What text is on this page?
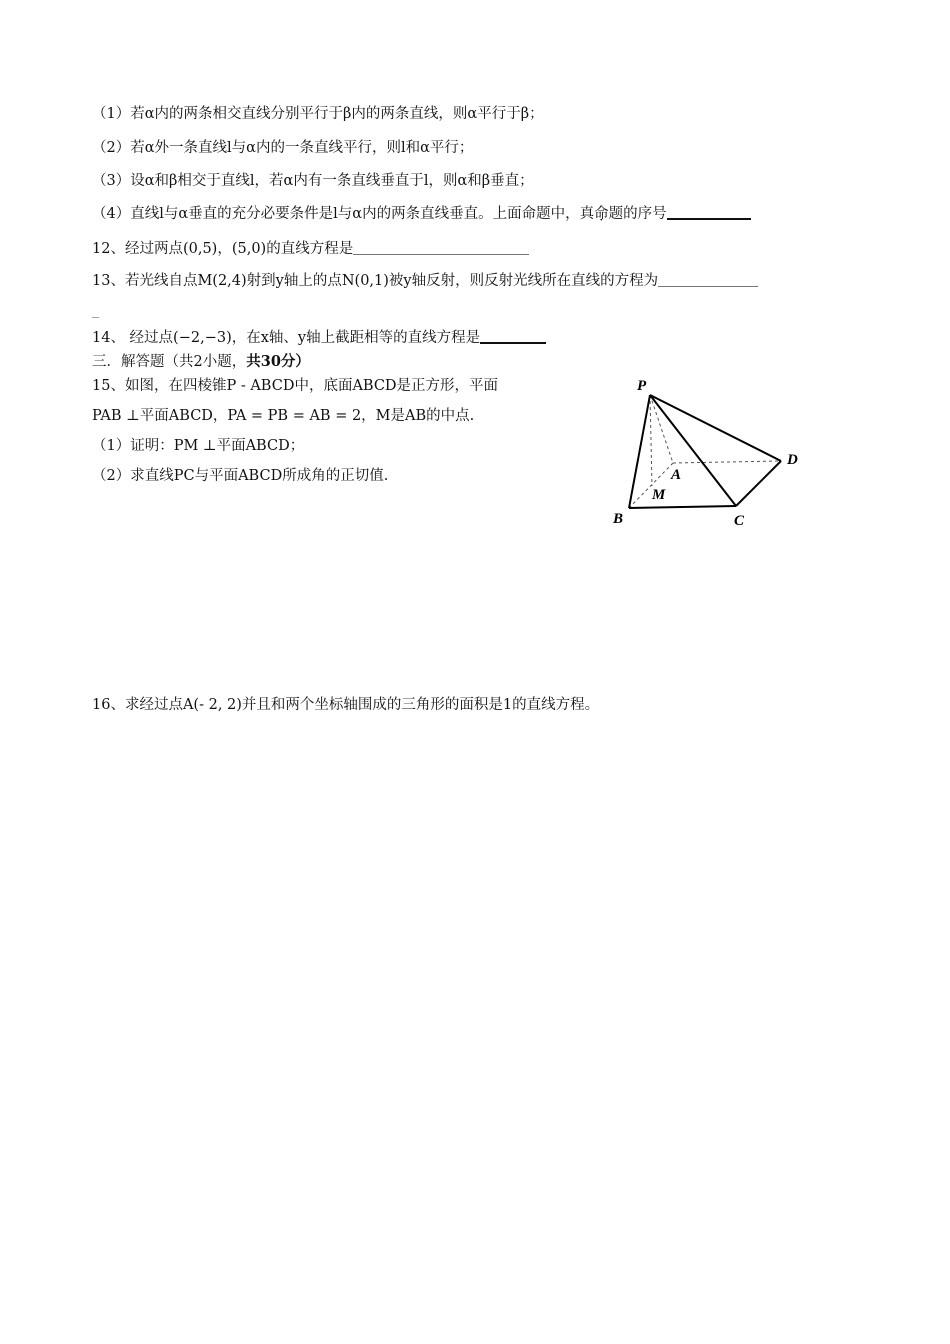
（1）若α内的两条相交直线分别平行于β内的两条直线，则α平行于β；
（2）若α外一条直线l与α内的一条直线平行，则l和α平行；
（3）设α和β相交于直线l，若α内有一条直线垂直于l，则α和β垂直；
（4）直线l与α垂直的充分必要条件是l与α内的两条直线垂直。上面命题中，真命题的序号
12、经过两点(0,5)，(5,0)的直线方程是
13、若光线自点M(2,4)射到y轴上的点N(0,1)被y轴反射，则反射光线所在直线的方程为
_
14、 经过点(−2,−3)，在x轴、y轴上截距相等的直线方程是
三．解答题（共2小题，共30分）
15、如图，在四棱锥P - ABCD中，底面ABCD是正方形，平面
PAB ⊥平面ABCD，PA = PB = AB = 2，M是AB的中点.
（1）证明：PM ⊥平面ABCD；
（2）求直线PC与平面ABCD所成角的正切值.
P
A
M
B	C
D
16、求经过点A(- 2, 2)并且和两个坐标轴围成的三角形的面积是1的直线方程。
